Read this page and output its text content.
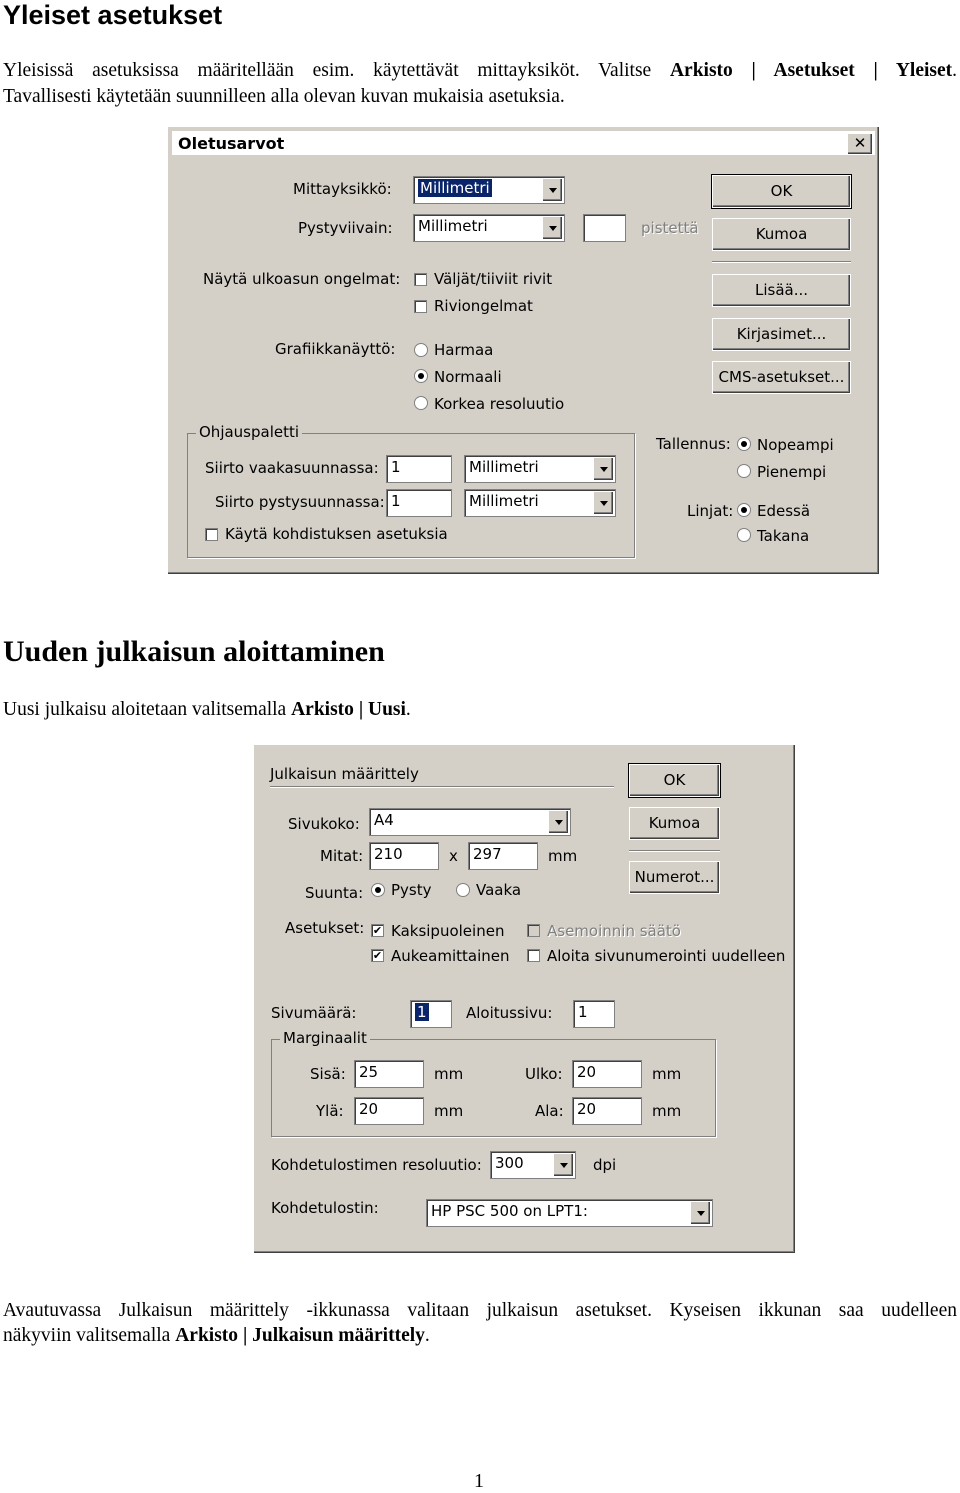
Yleiset asetukset
Yleisissä asetuksissa määritellään esim. käytettävät mittayksiköt. Valitse Arkisto | Asetukset | Yleiset.
Tavallisesti käytetään suunnilleen alla olevan kuvan mukaisia asetuksia.
Oletusarvot	✕
Mittayksikkö:	Millimetri
Pystyviivain:	Millimetri	pistettä
Näytä ulkoasun ongelmat: Väljät/tiiviit rivit
Riviongelmat
Grafiikkanäyttö:	Harmaa
Normaali
Korkea resoluutio
Ohjauspaletti
Siirto vaakasuunnassa: 1	Millimetri
Siirto pystysuunnassa: 1	Millimetri
Käytä kohdistuksen asetuksia
Tallennus: Nopeampi
Pienempi
Linjat: Edessä
Takana
OK
Kumoa
Lisää...
Kirjasimet...
CMS-asetukset...
Uuden julkaisun aloittaminen
Uusi julkaisu aloitetaan valitsemalla Arkisto | Uusi.
Julkaisun määrittely
Sivukoko: A4
Mitat: 210	x	297	mm
Suunta: Pysty	Vaaka
Asetukset:
✔ Kaksipuoleinen
✔
Aukeamittainen
Asemoinnin säätö
Aloita sivunumerointi uudelleen
Sivumäärä:	1	Aloitussivu:	1
Marginaalit
Sisä: 25	mm	Ulko: 20	mm
Ylä:	20	mm	Ala: 20	mm
Kohdetulostimen resoluutio: 300	dpi
Kohdetulostin:	HP PSC 500 on LPT1:
OK
Kumoa
Numerot...
Avautuvassa Julkaisun määrittely -ikkunassa valitaan julkaisun asetukset. Kyseisen ikkunan saa uudelleen
näkyviin valitsemalla Arkisto | Julkaisun määrittely.
1
